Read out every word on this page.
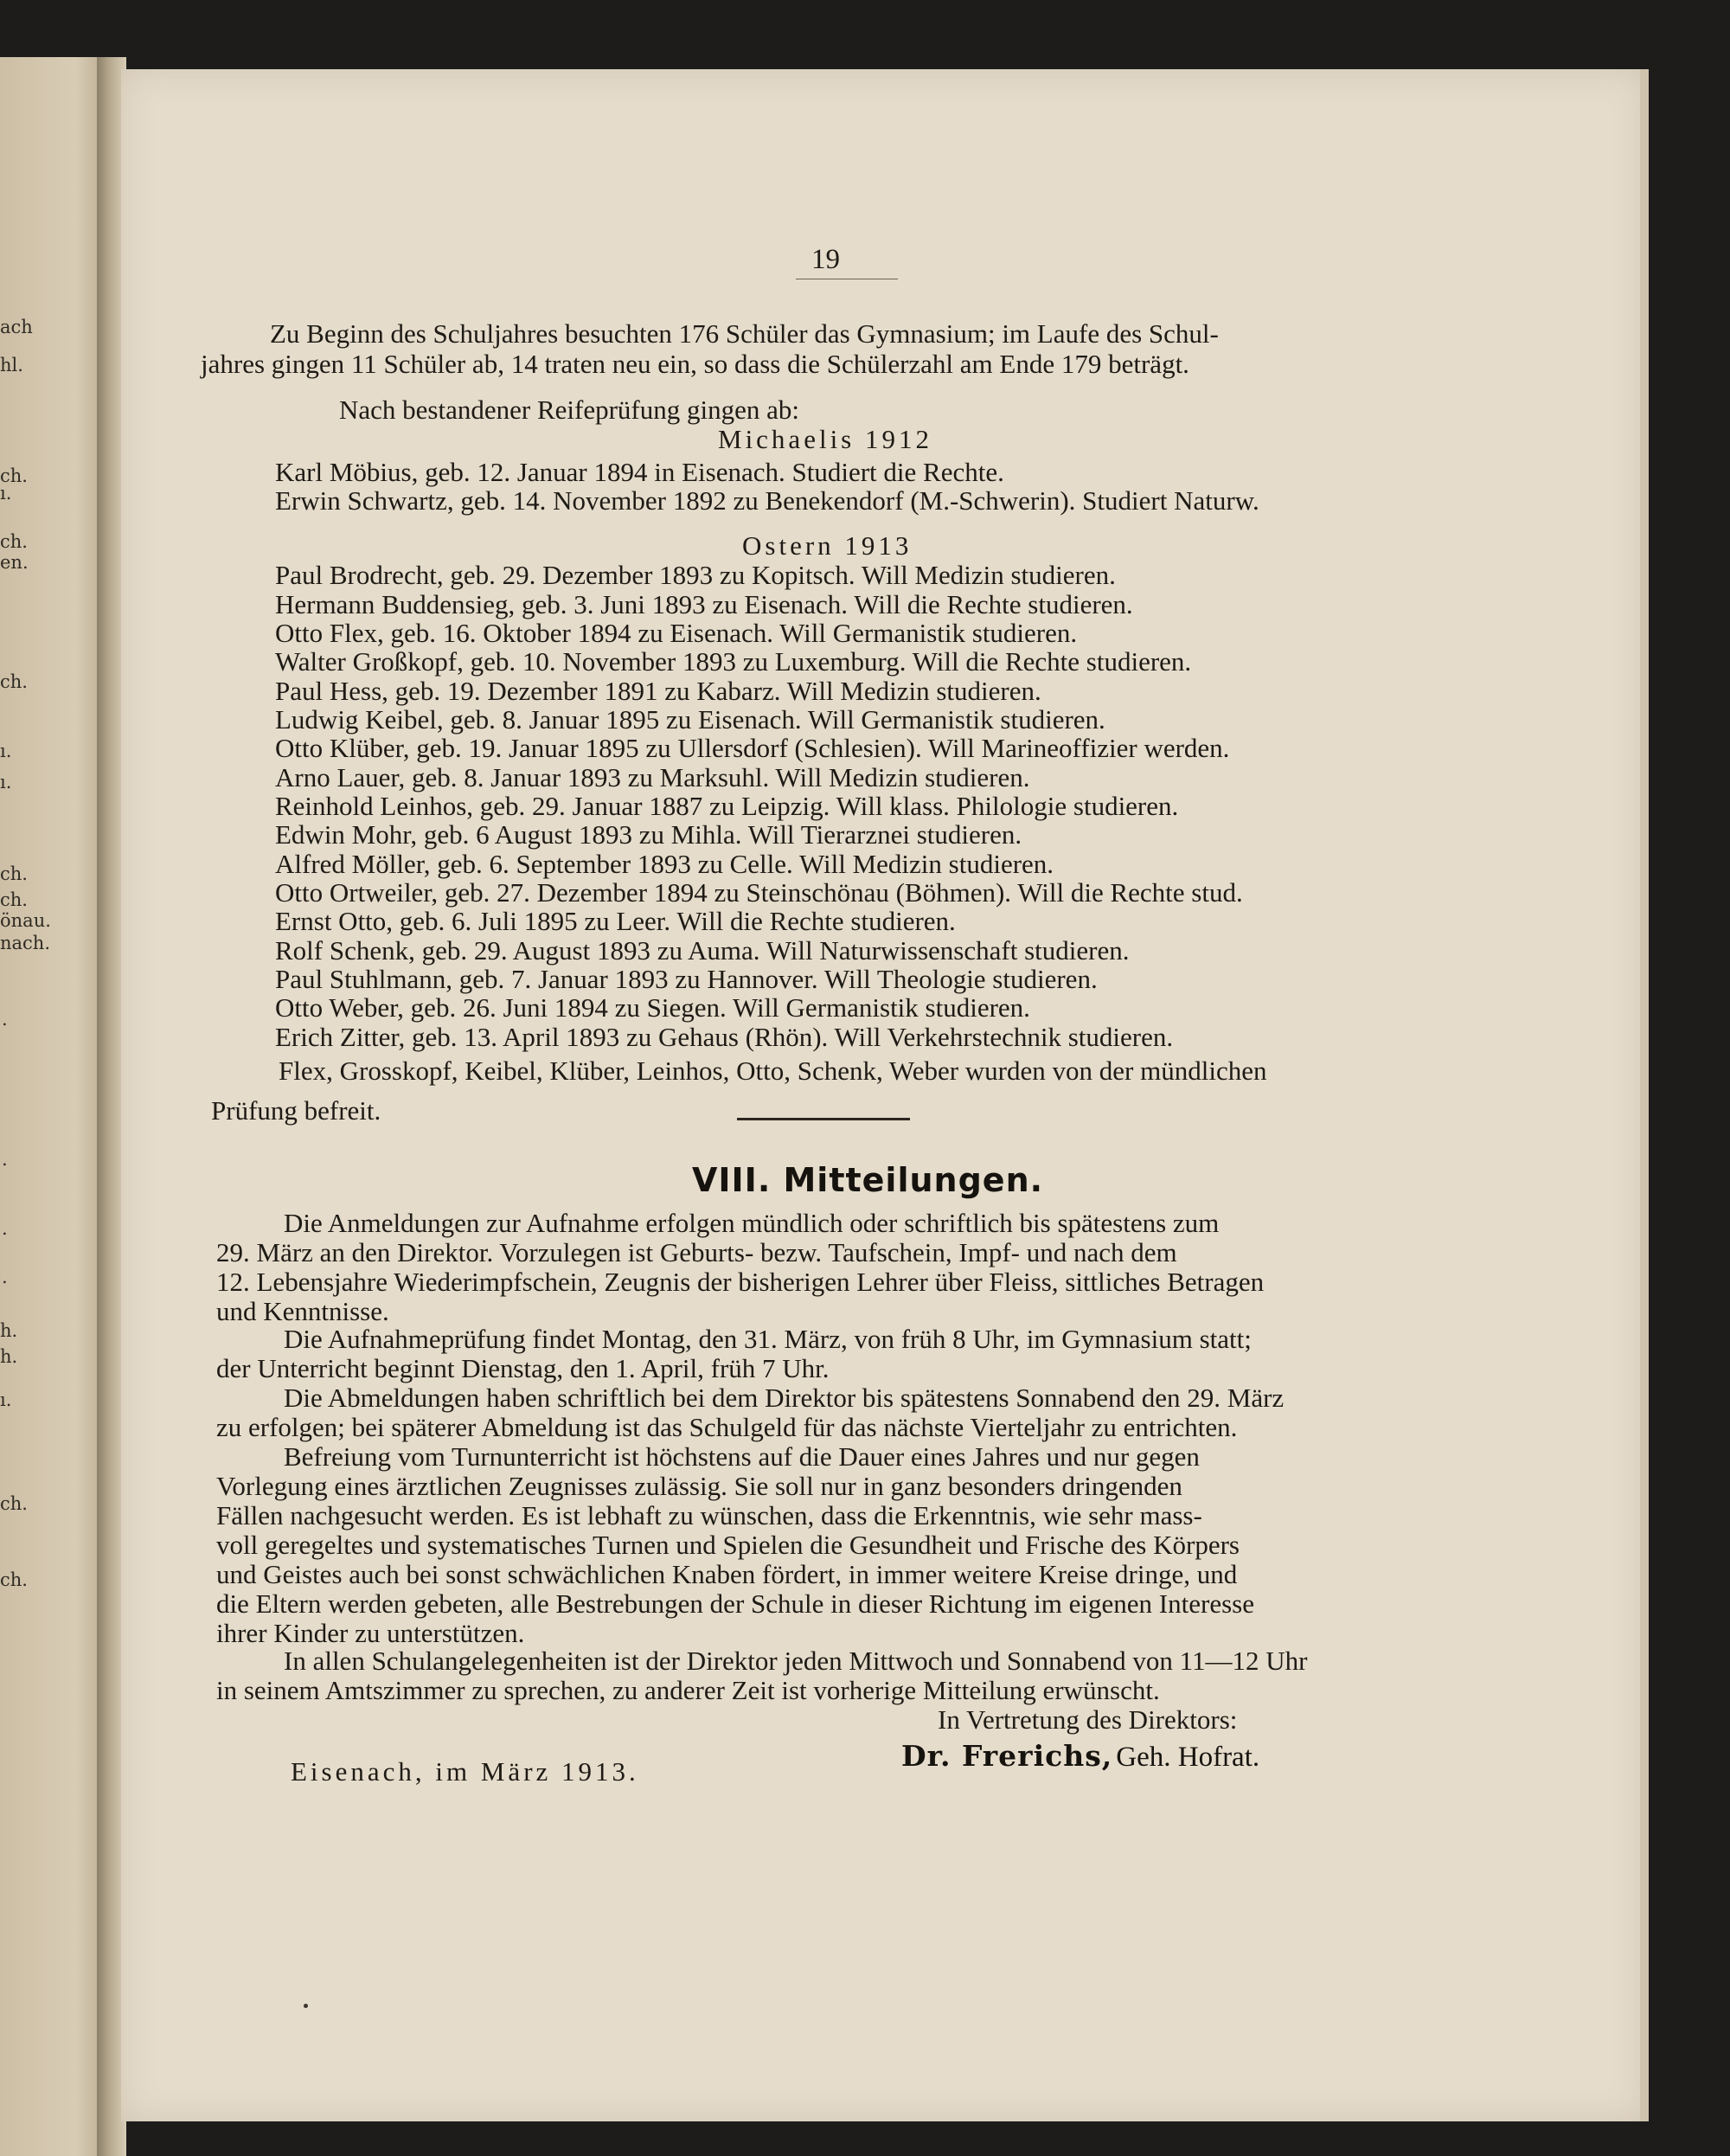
ach
hl.
ch.
ı.
ch.
en.
ch.
ı.
ı.
ch.
ch.
önau.
nach.
.
.
.
.
h.
h.
ı.
ch.
ch.
19
Zu Beginn des Schuljahres besuchten 176 Schüler das Gymnasium; im Laufe des Schul-
jahres gingen 11 Schüler ab, 14 traten neu ein, so dass die Schülerzahl am Ende 179 beträgt.
Nach bestandener Reifeprüfung gingen ab:
Michaelis 1912
Karl Möbius, geb. 12. Januar 1894 in Eisenach. Studiert die Rechte.
Erwin Schwartz, geb. 14. November 1892 zu Benekendorf (M.-Schwerin). Studiert Naturw.
Ostern 1913
Paul Brodrecht, geb. 29. Dezember 1893 zu Kopitsch. Will Medizin studieren.
Hermann Buddensieg, geb. 3. Juni 1893 zu Eisenach. Will die Rechte studieren.
Otto Flex, geb. 16. Oktober 1894 zu Eisenach. Will Germanistik studieren.
Walter Großkopf, geb. 10. November 1893 zu Luxemburg. Will die Rechte studieren.
Paul Hess, geb. 19. Dezember 1891 zu Kabarz. Will Medizin studieren.
Ludwig Keibel, geb. 8. Januar 1895 zu Eisenach. Will Germanistik studieren.
Otto Klüber, geb. 19. Januar 1895 zu Ullersdorf (Schlesien). Will Marineoffizier werden.
Arno Lauer, geb. 8. Januar 1893 zu Marksuhl. Will Medizin studieren.
Reinhold Leinhos, geb. 29. Januar 1887 zu Leipzig. Will klass. Philologie studieren.
Edwin Mohr, geb. 6 August 1893 zu Mihla. Will Tierarznei studieren.
Alfred Möller, geb. 6. September 1893 zu Celle. Will Medizin studieren.
Otto Ortweiler, geb. 27. Dezember 1894 zu Steinschönau (Böhmen). Will die Rechte stud.
Ernst Otto, geb. 6. Juli 1895 zu Leer. Will die Rechte studieren.
Rolf Schenk, geb. 29. August 1893 zu Auma. Will Naturwissenschaft studieren.
Paul Stuhlmann, geb. 7. Januar 1893 zu Hannover. Will Theologie studieren.
Otto Weber, geb. 26. Juni 1894 zu Siegen. Will Germanistik studieren.
Erich Zitter, geb. 13. April 1893 zu Gehaus (Rhön). Will Verkehrstechnik studieren.
Flex, Grosskopf, Keibel, Klüber, Leinhos, Otto, Schenk, Weber wurden von der mündlichen
Prüfung befreit.
VIII. Mitteilungen.
Die Anmeldungen zur Aufnahme erfolgen mündlich oder schriftlich bis spätestens zum
29. März an den Direktor. Vorzulegen ist Geburts- bezw. Taufschein, Impf- und nach dem
12. Lebensjahre Wiederimpfschein, Zeugnis der bisherigen Lehrer über Fleiss, sittliches Betragen
und Kenntnisse.
Die Aufnahmeprüfung findet Montag, den 31. März, von früh 8 Uhr, im Gymnasium statt;
der Unterricht beginnt Dienstag, den 1. April, früh 7 Uhr.
Die Abmeldungen haben schriftlich bei dem Direktor bis spätestens Sonnabend den 29. März
zu erfolgen; bei späterer Abmeldung ist das Schulgeld für das nächste Vierteljahr zu entrichten.
Befreiung vom Turnunterricht ist höchstens auf die Dauer eines Jahres und nur gegen
Vorlegung eines ärztlichen Zeugnisses zulässig. Sie soll nur in ganz besonders dringenden
Fällen nachgesucht werden. Es ist lebhaft zu wünschen, dass die Erkenntnis, wie sehr mass-
voll geregeltes und systematisches Turnen und Spielen die Gesundheit und Frische des Körpers
und Geistes auch bei sonst schwächlichen Knaben fördert, in immer weitere Kreise dringe, und
die Eltern werden gebeten, alle Bestrebungen der Schule in dieser Richtung im eigenen Interesse
ihrer Kinder zu unterstützen.
In allen Schulangelegenheiten ist der Direktor jeden Mittwoch und Sonnabend von 11—12 Uhr
in seinem Amtszimmer zu sprechen, zu anderer Zeit ist vorherige Mitteilung erwünscht.
In Vertretung des Direktors:
Eisenach, im März 1913.	Dr. Frerichs, Geh. Hofrat.
